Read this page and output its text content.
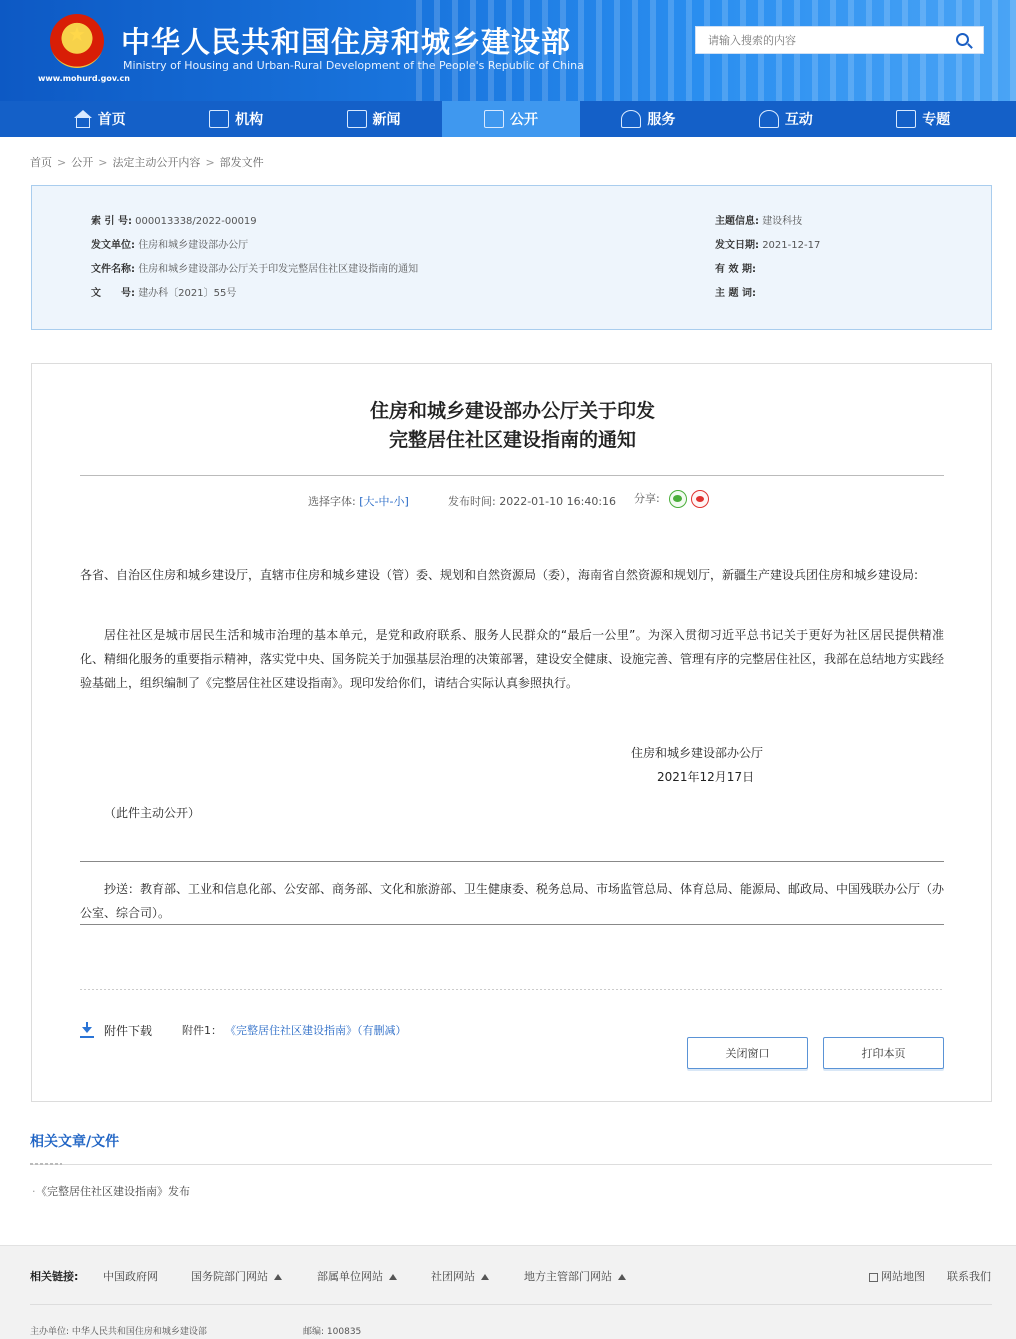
★
www.mohurd.gov.cn
中华人民共和国住房和城乡建设部
Ministry of Housing and Urban-Rural Development of the People's Republic of China
请输入搜索的内容
首页	机构	新闻	公开	服务	互动	专题
首页 > 公开 > 法定主动公开内容 > 部发文件
索 引 号: 000013338/2022-00019
发文单位: 住房和城乡建设部办公厅
文件名称: 住房和城乡建设部办公厅关于印发完整居住社区建设指南的通知
文　　号: 建办科〔2021〕55号
主题信息: 建设科技
发文日期: 2021-12-17
有 效 期:
主 题 词:
住房和城乡建设部办公厅关于印发
完整居住社区建设指南的通知
选择字体: [大-中-小]	发布时间: 2022-01-10 16:40:16 分享:
各省、自治区住房和城乡建设厅，直辖市住房和城乡建设（管）委、规划和自然资源局（委），海南省自然资源和规划厅，新疆生产建设兵团住房和城乡建设局:
居住社区是城市居民生活和城市治理的基本单元，是党和政府联系、服务人民群众的“最后一公里”。为深入贯彻习近平总书记关于更好为社区居民提供精准化、精细化服务的重要指示精神，落实党中央、国务院关于加强基层治理的决策部署，建设安全健康、设施完善、管理有序的完整居住社区，我部在总结地方实践经验基础上，组织编制了《完整居住社区建设指南》。现印发给你们，请结合实际认真参照执行。
住房和城乡建设部办公厅
2021年12月17日
（此件主动公开）
抄送：教育部、工业和信息化部、公安部、商务部、文化和旅游部、卫生健康委、税务总局、市场监管总局、体育总局、能源局、邮政局、中国残联办公厅（办公室、综合司）。
附件下载	附件1： 《完整居住社区建设指南》（有删减）
关闭窗口	打印本页
相关文章/文件
· 《完整居住社区建设指南》发布
相关链接: 中国政府网	国务院部门网站	部属单位网站	社团网站	地方主管部门网站	网站地图 联系我们
主办单位: 中华人民共和国住房和城乡建设部	邮编: 100835
